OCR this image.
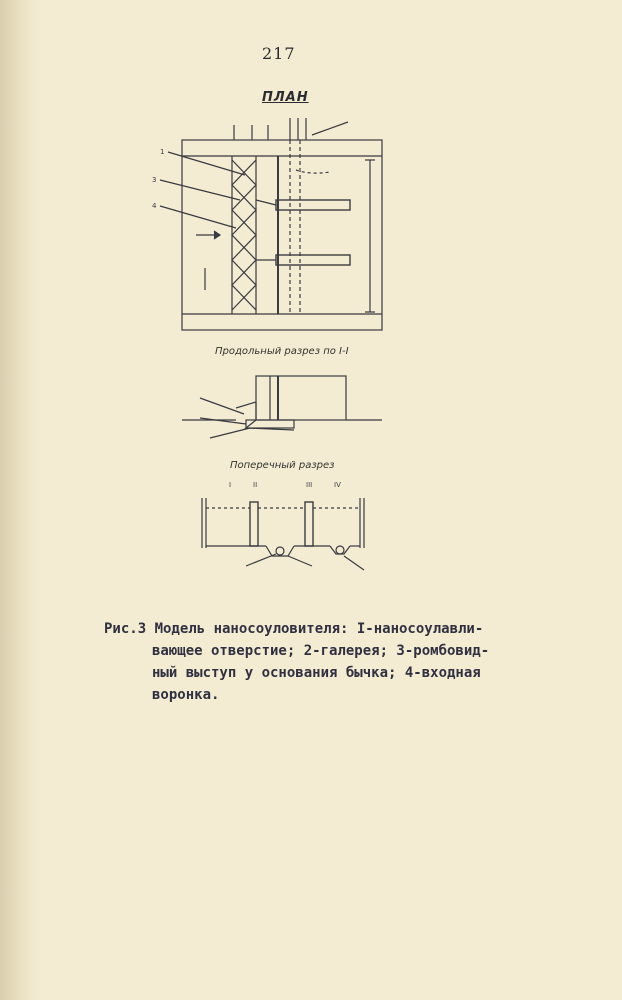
217
ПЛАН
1
3
4
I	II	III	IV
Продольный разрез по I-I
Поперечный разрез
Рис.3 Модель наносоуловителя: I-наносоулавли-
вающее отверстие; 2-галерея; 3-ромбовид-
ный выступ у основания бычка; 4-входная
воронка.
